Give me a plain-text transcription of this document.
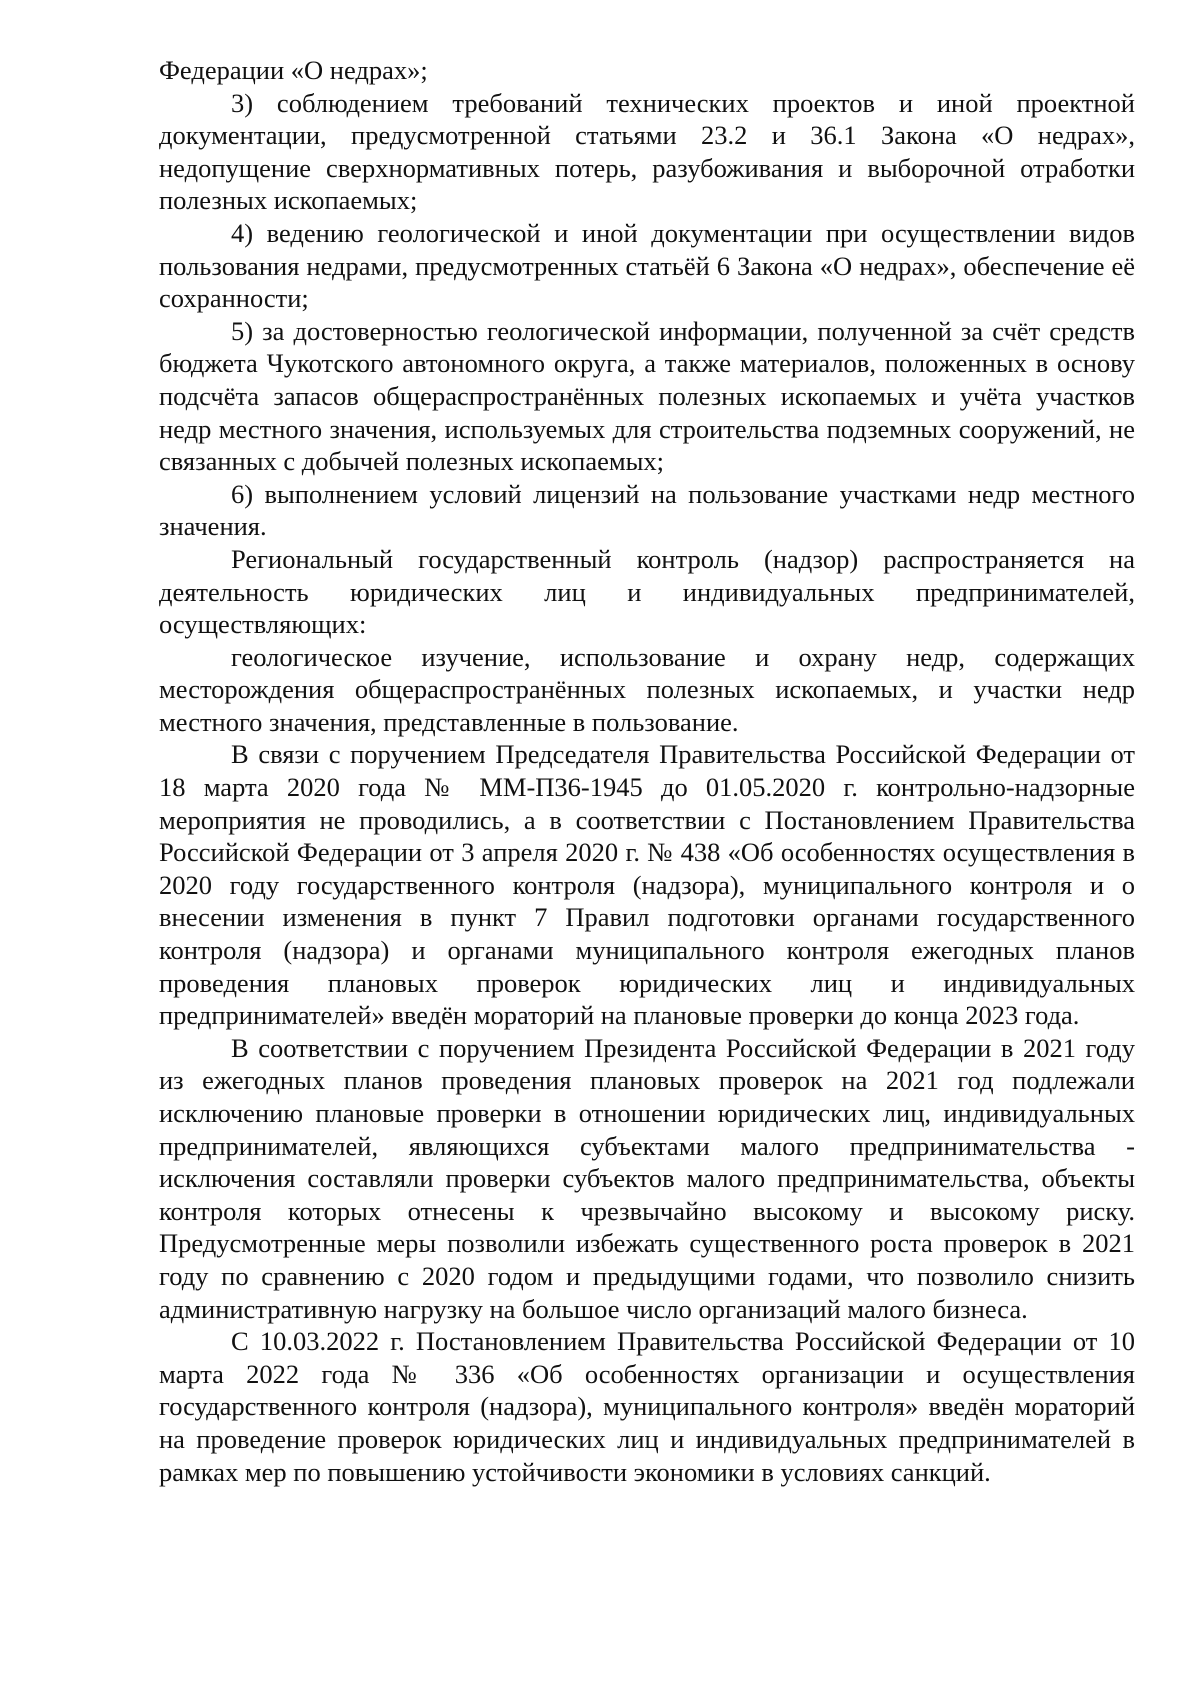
Федерации «О недрах»;

3) соблюдением требований технических проектов и иной проектной документации, предусмотренной статьями 23.2 и 36.1 Закона «О недрах», недопущение сверхнормативных потерь, разубоживания и выборочной отработки полезных ископаемых;

4) ведению геологической и иной документации при осуществлении видов пользования недрами, предусмотренных статьёй 6 Закона «О недрах», обеспечение её сохранности;

5) за достоверностью геологической информации, полученной за счёт средств бюджета Чукотского автономного округа, а также материалов, положенных в основу подсчёта запасов общераспространённых полезных ископаемых и учёта участков недр местного значения, используемых для строительства подземных сооружений, не связанных с добычей полезных ископаемых;

6) выполнением условий лицензий на пользование участками недр местного значения.

Региональный государственный контроль (надзор) распространяется на деятельность юридических лиц и индивидуальных предпринимателей, осуществляющих:

геологическое изучение, использование и охрану недр, содержащих месторождения общераспространённых полезных ископаемых, и участки недр местного значения, представленные в пользование.

В связи с поручением Председателя Правительства Российской Федерации от 18 марта 2020 года № ММ-П36-1945 до 01.05.2020 г. контрольно-надзорные мероприятия не проводились, а в соответствии с Постановлением Правительства Российской Федерации от 3 апреля 2020 г. № 438 «Об особенностях осуществления в 2020 году государственного контроля (надзора), муниципального контроля и о внесении изменения в пункт 7 Правил подготовки органами государственного контроля (надзора) и органами муниципального контроля ежегодных планов проведения плановых проверок юридических лиц и индивидуальных предпринимателей» введён мораторий на плановые проверки до конца 2023 года.

В соответствии с поручением Президента Российской Федерации в 2021 году из ежегодных планов проведения плановых проверок на 2021 год подлежали исключению плановые проверки в отношении юридических лиц, индивидуальных предпринимателей, являющихся субъектами малого предпринимательства - исключения составляли проверки субъектов малого предпринимательства, объекты контроля которых отнесены к чрезвычайно высокому и высокому риску. Предусмотренные меры позволили избежать существенного роста проверок в 2021 году по сравнению с 2020 годом и предыдущими годами, что позволило снизить административную нагрузку на большое число организаций малого бизнеса.

С 10.03.2022 г. Постановлением Правительства Российской Федерации от 10 марта 2022 года № 336 «Об особенностях организации и осуществления государственного контроля (надзора), муниципального контроля» введён мораторий на проведение проверок юридических лиц и индивидуальных предпринимателей в рамках мер по повышению устойчивости экономики в условиях санкций.
